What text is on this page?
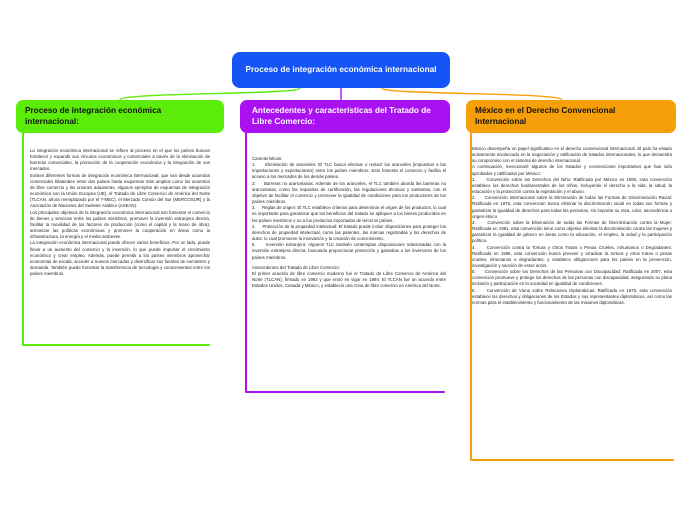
Proceso de integración económica internacional
Proceso de integración económica internacional:

La integración económica internacional se refiere al proceso en el que los países buscan fortalecer y expandir sus vínculos económicos y comerciales a través de la eliminación de barreras comerciales, la promoción de la cooperación económica y la integración de sus mercados.

Existen diferentes formas de integración económica internacional, que van desde acuerdos comerciales bilaterales entre dos países hasta esquemas más amplios como los acuerdos de libre comercio y las uniones aduaneras. Algunos ejemplos de esquemas de integración económica son la Unión Europea (UE), el Tratado de Libre Comercio de América del Norte (TLCAN, ahora reemplazado por el T-MEC), el Mercado Común del Sur (MERCOSUR) y la Asociación de Naciones del Sudeste Asiático (ASEAN).

Los principales objetivos de la integración económica internacional son fomentar el comercio de bienes y servicios entre los países miembros, promover la inversión extranjera directa, facilitar la movilidad de los factores de producción (como el capital y la mano de obra), armonizar las políticas económicas y promover la cooperación en áreas como la infraestructura, la energía y el medio ambiente.

La integración económica internacional puede ofrecer varios beneficios. Por un lado, puede llevar a un aumento del comercio y la inversión, lo que puede impulsar el crecimiento económico y crear empleo. Además, puede permitir a los países miembros aprovechar economías de escala, acceder a nuevos mercados y diversificar sus fuentes de suministro y demanda. También puede fomentar la transferencia de tecnología y conocimientos entre los países miembros.

Antecedentes y características del Tratado de Libre Comercio:

Características:

1.     Eliminación de aranceles: El TLC busca eliminar o reducir los aranceles (impuestos a las importaciones y exportaciones) entre los países miembros. Esto fomenta el comercio y facilita el acceso a los mercados de los demás países.

2.     Barreras no arancelarias: Además de los aranceles, el TLC también aborda las barreras no arancelarias, como los requisitos de certificación, las regulaciones técnicas y sanitarias, con el objetivo de facilitar el comercio y promover la igualdad de condiciones para los productores de los países miembros.

3.     Reglas de origen: El TLC establece criterios para determinar el origen de los productos, lo cual es importante para garantizar que los beneficios del tratado se apliquen a los bienes producidos en los países miembros y no a los productos importados de terceros países.

4.     Protección de la propiedad intelectual: El tratado puede incluir disposiciones para proteger los derechos de propiedad intelectual, como las patentes, las marcas registradas y los derechos de autor, lo cual promueve la innovación y la creación de conocimiento.

5.     Inversión extranjera: Algunos TLC también contemplan disposiciones relacionadas con la inversión extranjera directa, buscando proporcionar protección y garantías a los inversores de los países miembros.

Antecedentes del Tratado de Libre Comercio:

El primer acuerdo de libre comercio moderno fue el Tratado de Libre Comercio de América del Norte (TLCAN), firmado en 1992 y que entró en vigor en 1994. El TLCAN fue un acuerdo entre Estados Unidos, Canadá y México, y estableció una zona de libre comercio en América del Norte.

México en el Derecho Convencional Internacional

México desempeña un papel significativo en el derecho convencional internacional. El país ha estado activamente involucrado en la negociación y ratificación de tratados internacionales, lo que demuestra su compromiso con el sistema de derecho internacional.

A continuación, mencionaré algunos de los tratados y convenciones importantes que han sido aprobados y ratificados por México:

1.     Convención sobre los Derechos del Niño: Ratificada por México en 1990, esta convención establece los derechos fundamentales de los niños, incluyendo el derecho a la vida, la salud, la educación y la protección contra la explotación y el abuso.

2.     Convención Internacional sobre la Eliminación de todas las Formas de Discriminación Racial: Ratificada en 1975, esta convención busca eliminar la discriminación racial en todas sus formas y garantizar la igualdad de derechos para todas las personas, sin importar su raza, color, ascendencia u origen étnico.

3.     Convención sobre la Eliminación de todas las Formas de Discriminación contra la Mujer: Ratificada en 1981, esta convención tiene como objetivo eliminar la discriminación contra las mujeres y garantizar la igualdad de género en áreas como la educación, el empleo, la salud y la participación política.

4.     Convención contra la Tortura y Otros Tratos o Penas Crueles, Inhumanos o Degradantes: Ratificada en 1986, esta convención busca prevenir y erradicar la tortura y otros tratos o penas crueles, inhumanos o degradantes, y establece obligaciones para los países en la prevención, investigación y sanción de estos actos.

5.     Convención sobre los Derechos de las Personas con Discapacidad: Ratificada en 2007, esta convención promueve y protege los derechos de las personas con discapacidad, asegurando su plena inclusión y participación en la sociedad en igualdad de condiciones.

6.     Convención de Viena sobre Relaciones Diplomáticas: Ratificada en 1975, esta convención establece los derechos y obligaciones de los Estados y sus representantes diplomáticos, así como las normas para el establecimiento y funcionamiento de las misiones diplomáticas.
